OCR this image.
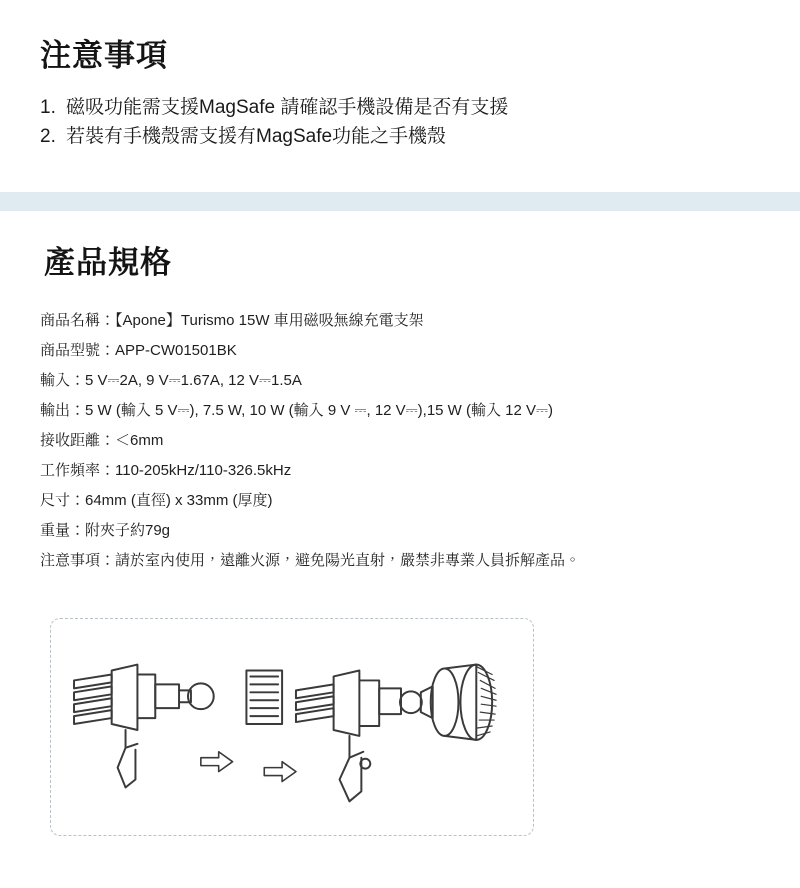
注意事項
1. 磁吸功能需支援MagSafe 請確認手機設備是否有支援
2. 若裝有手機殼需支援有MagSafe功能之手機殼
產品規格
商品名稱：【Apone】Turismo 15W 車用磁吸無線充電支架
商品型號：APP-CW01501BK
輸入：5 V⎓2A, 9 V⎓1.67A, 12 V⎓1.5A
輸出：5 W (輸入 5 V⎓), 7.5 W, 10 W (輸入 9 V ⎓, 12 V⎓),15 W (輸入 12 V⎓)
接收距離：＜6mm
工作頻率：110-205kHz/110-326.5kHz
尺寸：64mm (直徑) x 33mm (厚度)
重量：附夾子約79g
注意事項：請於室內使用，遠離火源，避免陽光直射，嚴禁非專業人員拆解產品。
